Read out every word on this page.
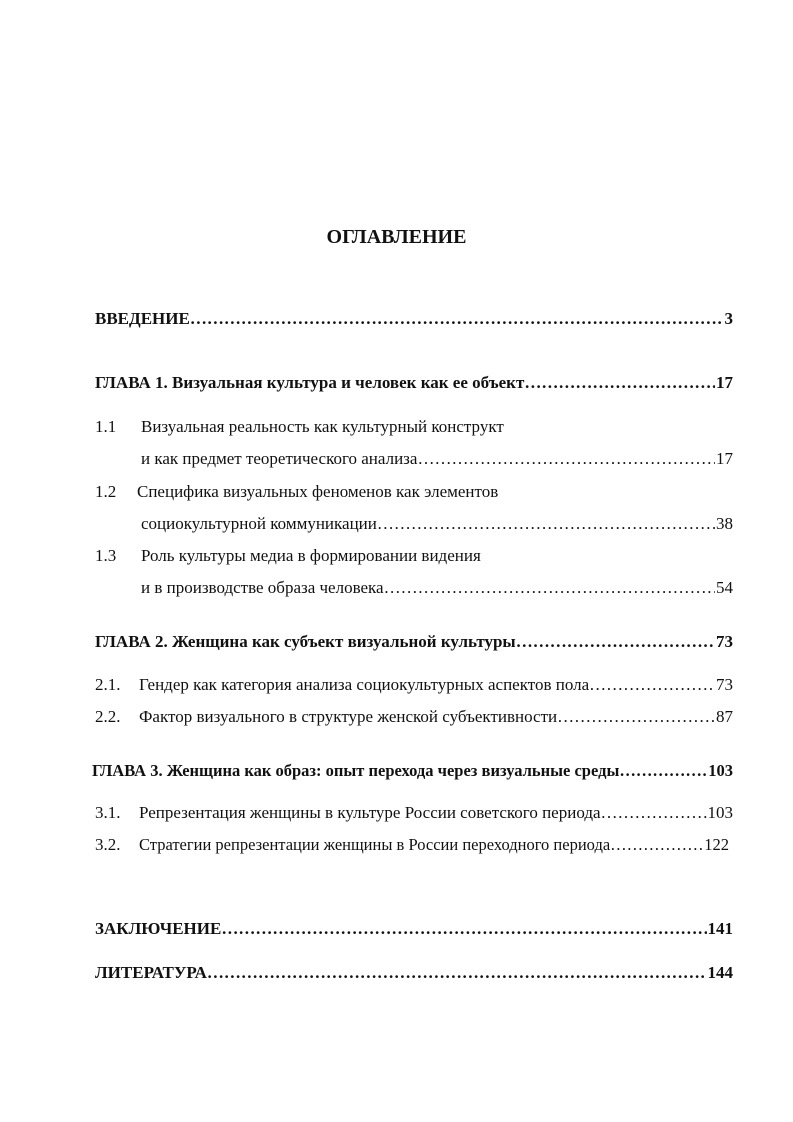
ОГЛАВЛЕНИЕ
ВВЕДЕНИЕ ………………………………………………………………………………………………………………………………………………………………………………………………	3
ГЛАВА 1. Визуальная культура и человек как ее объект ………………………………………………………………………………………………………………………………………………………………………………………………	17
1.1 Визуальная реальность как культурный конструкт
и как предмет теоретического анализа ………………………………………………………………………………………………………………………………………………………………………………………………	17
1.2 Специфика визуальных феноменов как элементов
социокультурной коммуникации ………………………………………………………………………………………………………………………………………………………………………………………………	38
1.3 Роль культуры медиа в формировании видения
и в производстве образа человека ………………………………………………………………………………………………………………………………………………………………………………………………	54
ГЛАВА 2. Женщина как субъект визуальной культуры ………………………………………………………………………………………………………………………………………………………………………………………………	73
2.1. Гендер как категория анализа социокультурных аспектов пола ………………………………………………………………………………………………………………………………………………………………………………………………	73
2.2. Фактор визуального в структуре женской субъективности ………………………………………………………………………………………………………………………………………………………………………………………………	87
ГЛАВА 3. Женщина как образ: опыт перехода через визуальные среды ………………………………………………………………………………………………………………………………………………………………………………………………	103
3.1. Репрезентация женщины в культуре России советского периода ………………………………………………………………………………………………………………………………………………………………………………………………	103
3.2. Стратегии репрезентации женщины в России переходного периода ………………………………………………………………………………………………………………………………………………………………………………………………	122
ЗАКЛЮЧЕНИЕ ………………………………………………………………………………………………………………………………………………………………………………………………	141
ЛИТЕРАТУРА ………………………………………………………………………………………………………………………………………………………………………………………………	144
